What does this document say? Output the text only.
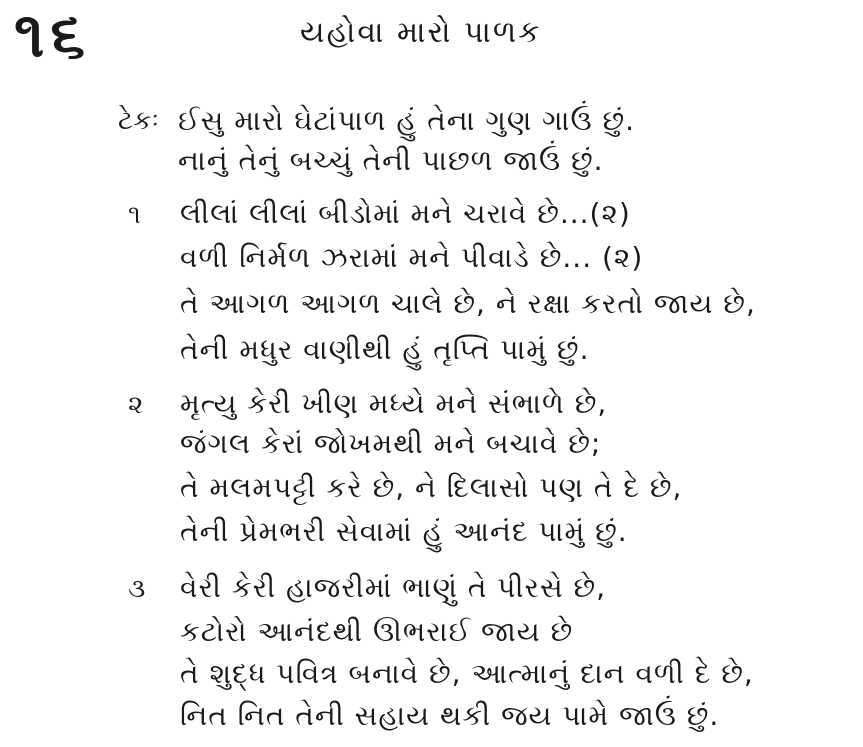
૧૬	યહોવા મારો પાળક
ટેકઃ ઈસુ મારો ઘેટાંપાળ હું તેના ગુણ ગાઉં છું.
નાનું તેનું બચ્ચું તેની પાછળ જાઉં છું.
૧ લીલાં લીલાં બીડોમાં મને ચરાવે છે...(૨)
વળી નિર્મળ ઝરામાં મને પીવાડે છે... (૨)
તે આગળ આગળ ચાલે છે, ને રક્ષા કરતો જાય છે,
તેની મધુર વાણીથી હું તૃપ્તિ પામું છું.
૨ મૃત્યુ કેરી ખીણ મધ્યે મને સંભાળે છે,
જંગલ કેરાં જોખમથી મને બચાવે છે;
તે મલમપટ્ટી કરે છે, ને દિલાસો પણ તે દે છે,
તેની પ્રેમભરી સેવામાં હું આનંદ પામું છું.
૩ વેરી કેરી હાજરીમાં ભાણું તે પીરસે છે,
કટોરો આનંદથી ઊભરાઈ જાય છે
તે શુદ્ધ પવિત્ર બનાવે છે, આત્માનું દાન વળી દે છે,
નિત નિત તેની સહાય થકી જય પામે જાઉં છું.
